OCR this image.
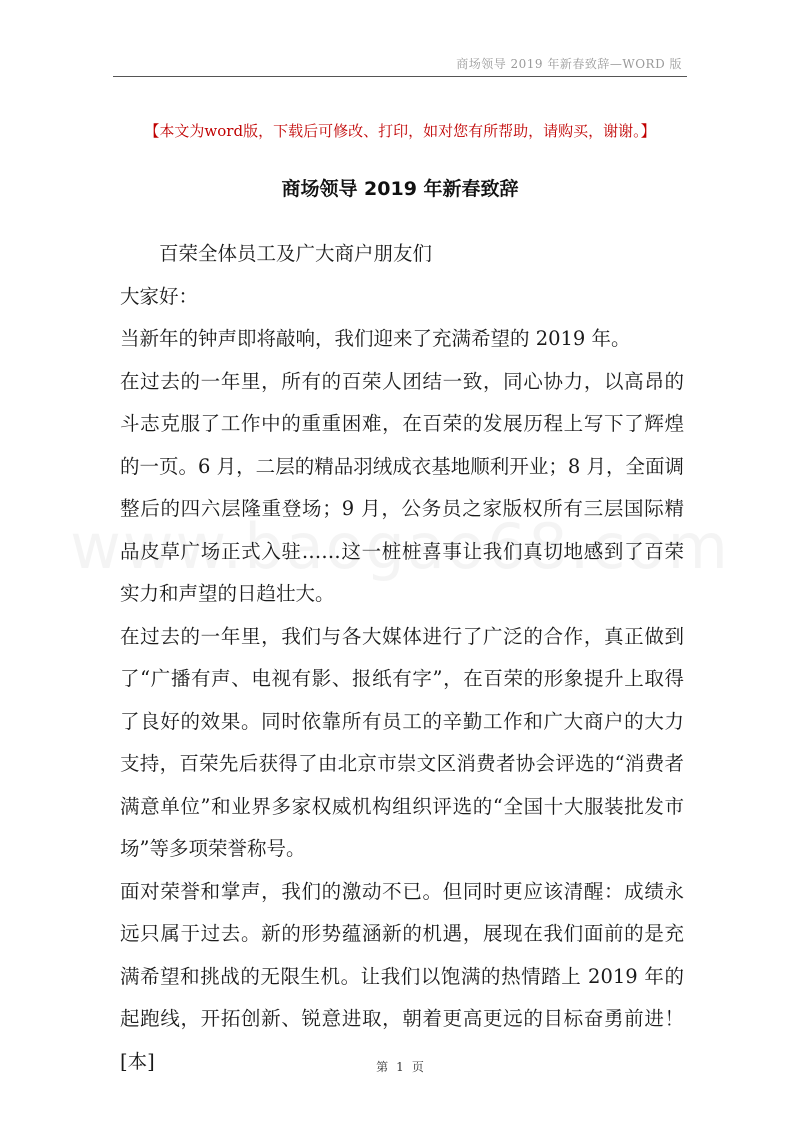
商场领导 2019 年新春致辞—WORD 版
【本文为word版，下载后可修改、打印，如对您有所帮助，请购买，谢谢。】
商场领导 2019 年新春致辞

百荣全体员工及广大商户朋友们

大家好：

当新年的钟声即将敲响，我们迎来了充满希望的 2019 年。

在过去的一年里，所有的百荣人团结一致，同心协力，以高昂的斗志克服了工作中的重重困难，在百荣的发展历程上写下了辉煌的一页。6 月，二层的精品羽绒成衣基地顺利开业；8 月，全面调整后的四六层隆重登场；9 月，公务员之家版权所有三层国际精品皮草广场正式入驻……这一桩桩喜事让我们真切地感到了百荣实力和声望的日趋壮大。

在过去的一年里，我们与各大媒体进行了广泛的合作，真正做到了“广播有声、电视有影、报纸有字”，在百荣的形象提升上取得了良好的效果。同时依靠所有员工的辛勤工作和广大商户的大力支持，百荣先后获得了由北京市崇文区消费者协会评选的“消费者满意单位”和业界多家权威机构组织评选的“全国十大服装批发市场”等多项荣誉称号。

面对荣誉和掌声，我们的激动不已。但同时更应该清醒：成绩永远只属于过去。新的形势蕴涵新的机遇，展现在我们面前的是充满希望和挑战的无限生机。让我们以饱满的热情踏上 2019 年的起跑线，开拓创新、锐意进取，朝着更高更远的目标奋勇前进！[本]	第 1 页
